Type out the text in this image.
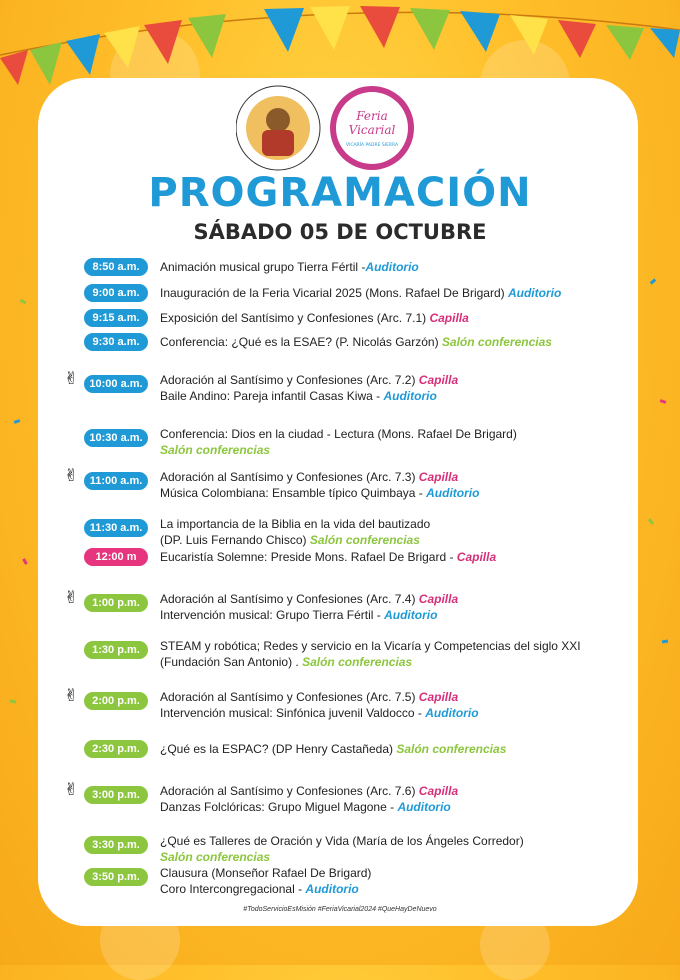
Feria
Vicarial
VICARÍA PADRE SIERRA
PROGRAMACIÓN
SÁBADO 05 DE OCTUBRE
8:50 a.m.	Animación musical grupo Tierra Fértil -Auditorio
9:00 a.m.	Inauguración de la Feria Vicarial 2025 (Mons. Rafael De Brigard) Auditorio
9:15 a.m.	Exposición del Santísimo y Confesiones (Arc. 7.1) Capilla
9:30 a.m.	Conferencia: ¿Qué es la ESAE? (P. Nicolás Garzón) Salón conferencias
✌	10:00 a.m.	Adoración al Santísimo y Confesiones (Arc. 7.2) Capilla
Baile Andino: Pareja infantil Casas Kiwa - Auditorio
10:30 a.m.	Conferencia: Dios en la ciudad - Lectura (Mons. Rafael De Brigard)
Salón conferencias
✌	11:00 a.m.	Adoración al Santísimo y Confesiones (Arc. 7.3) Capilla
Música Colombiana: Ensamble típico Quimbaya - Auditorio
11:30 a.m.	La importancia de la Biblia en la vida del bautizado
(DP. Luis Fernando Chisco) Salón conferencias
12:00 m	Eucaristía Solemne: Preside Mons. Rafael De Brigard - Capilla
✌	1:00 p.m.	Adoración al Santísimo y Confesiones (Arc. 7.4) Capilla
Intervención musical: Grupo Tierra Fértil - Auditorio
1:30 p.m.	STEAM y robótica; Redes y servicio en la Vicaría y Competencias del siglo XXI
(Fundación San Antonio) . Salón conferencias
✌	2:00 p.m.	Adoración al Santísimo y Confesiones (Arc. 7.5) Capilla
Intervención musical: Sinfónica juvenil Valdocco - Auditorio
2:30 p.m.	¿Qué es la ESPAC? (DP Henry Castañeda) Salón conferencias
✌	3:00 p.m.	Adoración al Santísimo y Confesiones (Arc. 7.6) Capilla
Danzas Folclóricas: Grupo Miguel Magone - Auditorio
3:30 p.m.	¿Qué es Talleres de Oración y Vida (María de los Ángeles Corredor)
Salón conferencias
3:50 p.m.	Clausura (Monseñor Rafael De Brigard)
Coro Intercongregacional - Auditorio
#TodoServicioEsMisión #FeriaVicarial2024 #QueHayDeNuevo
